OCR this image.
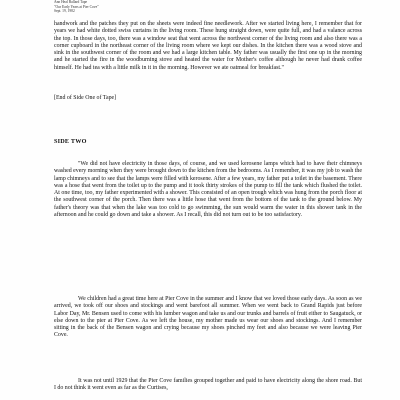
Ann Heal Ballard Tape
"Our Early Years at Pier Cove"
Sept. 19, 1982
handwork and the patches they put on the sheets were indeed fine needlework. After we started living here, I remember that for years we had white dotted swiss curtains in the living room. These hung straight down, were quite full, and had a valance across the top. In those days, too, there was a window seat that went across the northwest corner of the living room and also there was a corner cupboard in the northeast corner of the living room where we kept our dishes. In the kitchen there was a wood stove and sink in the southwest corner of the room and we had a large kitchen table. My father was usually the first one up in the morning and he started the fire in the woodburning stove and heated the water for Mother's coffee although he never had drank coffee himself. He had tea with a little milk in it in the morning. However we ate oatmeal for breakfast."
[End of Side One of Tape]
SIDE TWO
"We did not have electricity in those days, of course, and we used kerosene lamps which had to have their chimneys washed every morning when they were brought down to the kitchen from the bedrooms. As I remember, it was my job to wash the lamp chimneys and to see that the lamps were filled with kerosene. After a few years, my father put a toilet in the basement. There was a hose that went from the toilet up to the pump and it took thirty strokes of the pump to fill the tank which flushed the toilet. At one time, too, my father experimented with a shower. This consisted of an open trough which was hung from the porch floor at the southwest corner of the porch. Then there was a little hose that went from the bottom of the tank to the ground below. My father's theory was that when the lake was too cold to go swimming, the sun would warm the water in this shower tank in the afternoon and he could go down and take a shower. As I recall, this did not turn out to be too satisfactory.
We children had a great time here at Pier Cove in the summer and I know that we loved those early days. As soon as we arrived, we took off our shoes and stockings and went barefoot all summer. When we went back to Grand Rapids just before Labor Day, Mr. Bensen used to come with his lumber wagon and take us and our trunks and barrels of fruit either to Saugatuck, or else down to the pier at Pier Cove. As we left the house, my mother made us wear our shoes and stockings. And I remember sitting in the back of the Bensen wagon and crying because my shoes pinched my feet and also because we were leaving Pier Cove.
It was not until 1929 that the Pier Cove families grouped together and paid to have electricity along the shore road. But I do not think it went even as far as the Curtises,
